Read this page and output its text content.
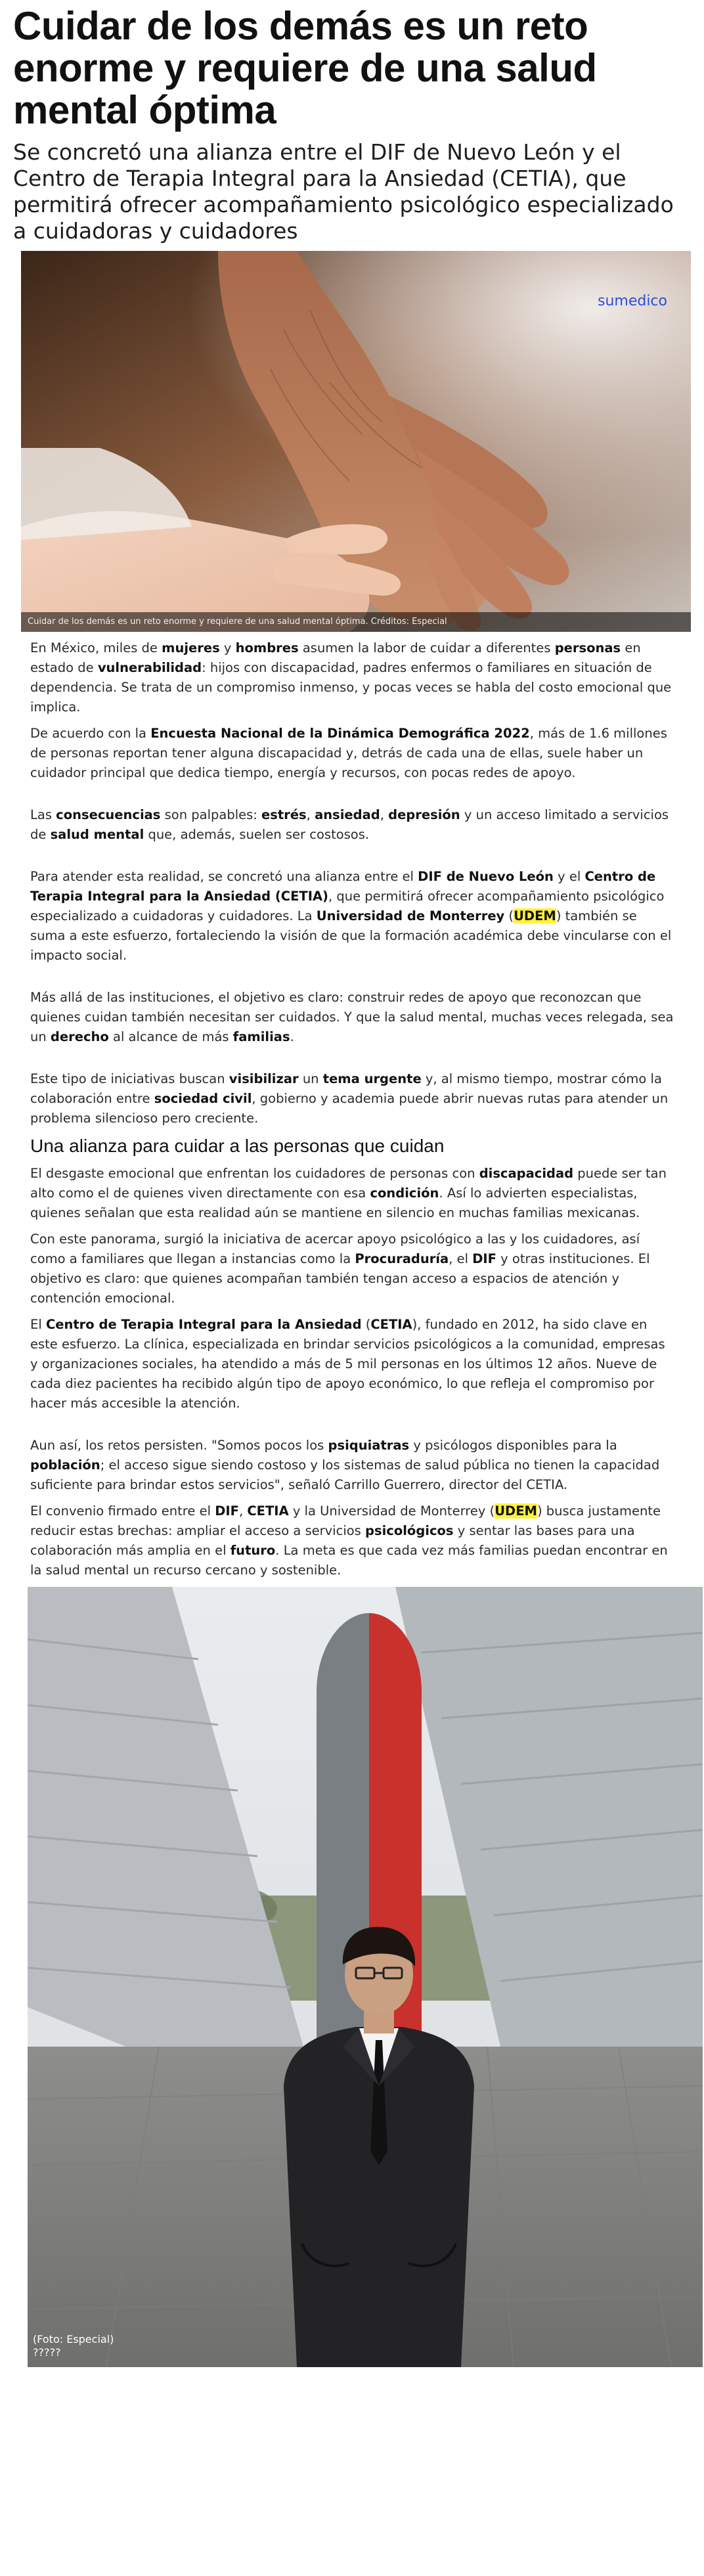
Cuidar de los demás es un reto enorme y requiere de una salud mental óptima
Se concretó una alianza entre el DIF de Nuevo León y el Centro de Terapia Integral para la Ansiedad (CETIA), que permitirá ofrecer acompañamiento psicológico especializado a cuidadoras y cuidadores
sumedico
Cuidar de los demás es un reto enorme y requiere de una salud mental óptima. Créditos: Especial

En México, miles de mujeres y hombres asumen la labor de cuidar a diferentes personas en estado de vulnerabilidad: hijos con discapacidad, padres enfermos o familiares en situación de dependencia. Se trata de un compromiso inmenso, y pocas veces se habla del costo emocional que implica.

De acuerdo con la Encuesta Nacional de la Dinámica Demográfica 2022, más de 1.6 millones de personas reportan tener alguna discapacidad y, detrás de cada una de ellas, suele haber un cuidador principal que dedica tiempo, energía y recursos, con pocas redes de apoyo.

Las consecuencias son palpables: estrés, ansiedad, depresión y un acceso limitado a servicios de salud mental que, además, suelen ser costosos.

Para atender esta realidad, se concretó una alianza entre el DIF de Nuevo León y el Centro de Terapia Integral para la Ansiedad (CETIA), que permitirá ofrecer acompañamiento psicológico especializado a cuidadoras y cuidadores. La Universidad de Monterrey (UDEM) también se suma a este esfuerzo, fortaleciendo la visión de que la formación académica debe vincularse con el impacto social.

Más allá de las instituciones, el objetivo es claro: construir redes de apoyo que reconozcan que quienes cuidan también necesitan ser cuidados. Y que la salud mental, muchas veces relegada, sea un derecho al alcance de más familias.

Este tipo de iniciativas buscan visibilizar un tema urgente y, al mismo tiempo, mostrar cómo la colaboración entre sociedad civil, gobierno y academia puede abrir nuevas rutas para atender un problema silencioso pero creciente.

Una alianza para cuidar a las personas que cuidan

El desgaste emocional que enfrentan los cuidadores de personas con discapacidad puede ser tan alto como el de quienes viven directamente con esa condición. Así lo advierten especialistas, quienes señalan que esta realidad aún se mantiene en silencio en muchas familias mexicanas.

Con este panorama, surgió la iniciativa de acercar apoyo psicológico a las y los cuidadores, así como a familiares que llegan a instancias como la Procuraduría, el DIF y otras instituciones. El objetivo es claro: que quienes acompañan también tengan acceso a espacios de atención y contención emocional.

El Centro de Terapia Integral para la Ansiedad (CETIA), fundado en 2012, ha sido clave en este esfuerzo. La clínica, especializada en brindar servicios psicológicos a la comunidad, empresas y organizaciones sociales, ha atendido a más de 5 mil personas en los últimos 12 años. Nueve de cada diez pacientes ha recibido algún tipo de apoyo económico, lo que refleja el compromiso por hacer más accesible la atención.

Aun así, los retos persisten. "Somos pocos los psiquiatras y psicólogos disponibles para la población; el acceso sigue siendo costoso y los sistemas de salud pública no tienen la capacidad suficiente para brindar estos servicios", señaló Carrillo Guerrero, director del CETIA.

El convenio firmado entre el DIF, CETIA y la Universidad de Monterrey (UDEM) busca justamente reducir estas brechas: ampliar el acceso a servicios psicológicos y sentar las bases para una colaboración más amplia en el futuro. La meta es que cada vez más familias puedan encontrar en la salud mental un recurso cercano y sostenible.

(Foto: Especial)
?????
